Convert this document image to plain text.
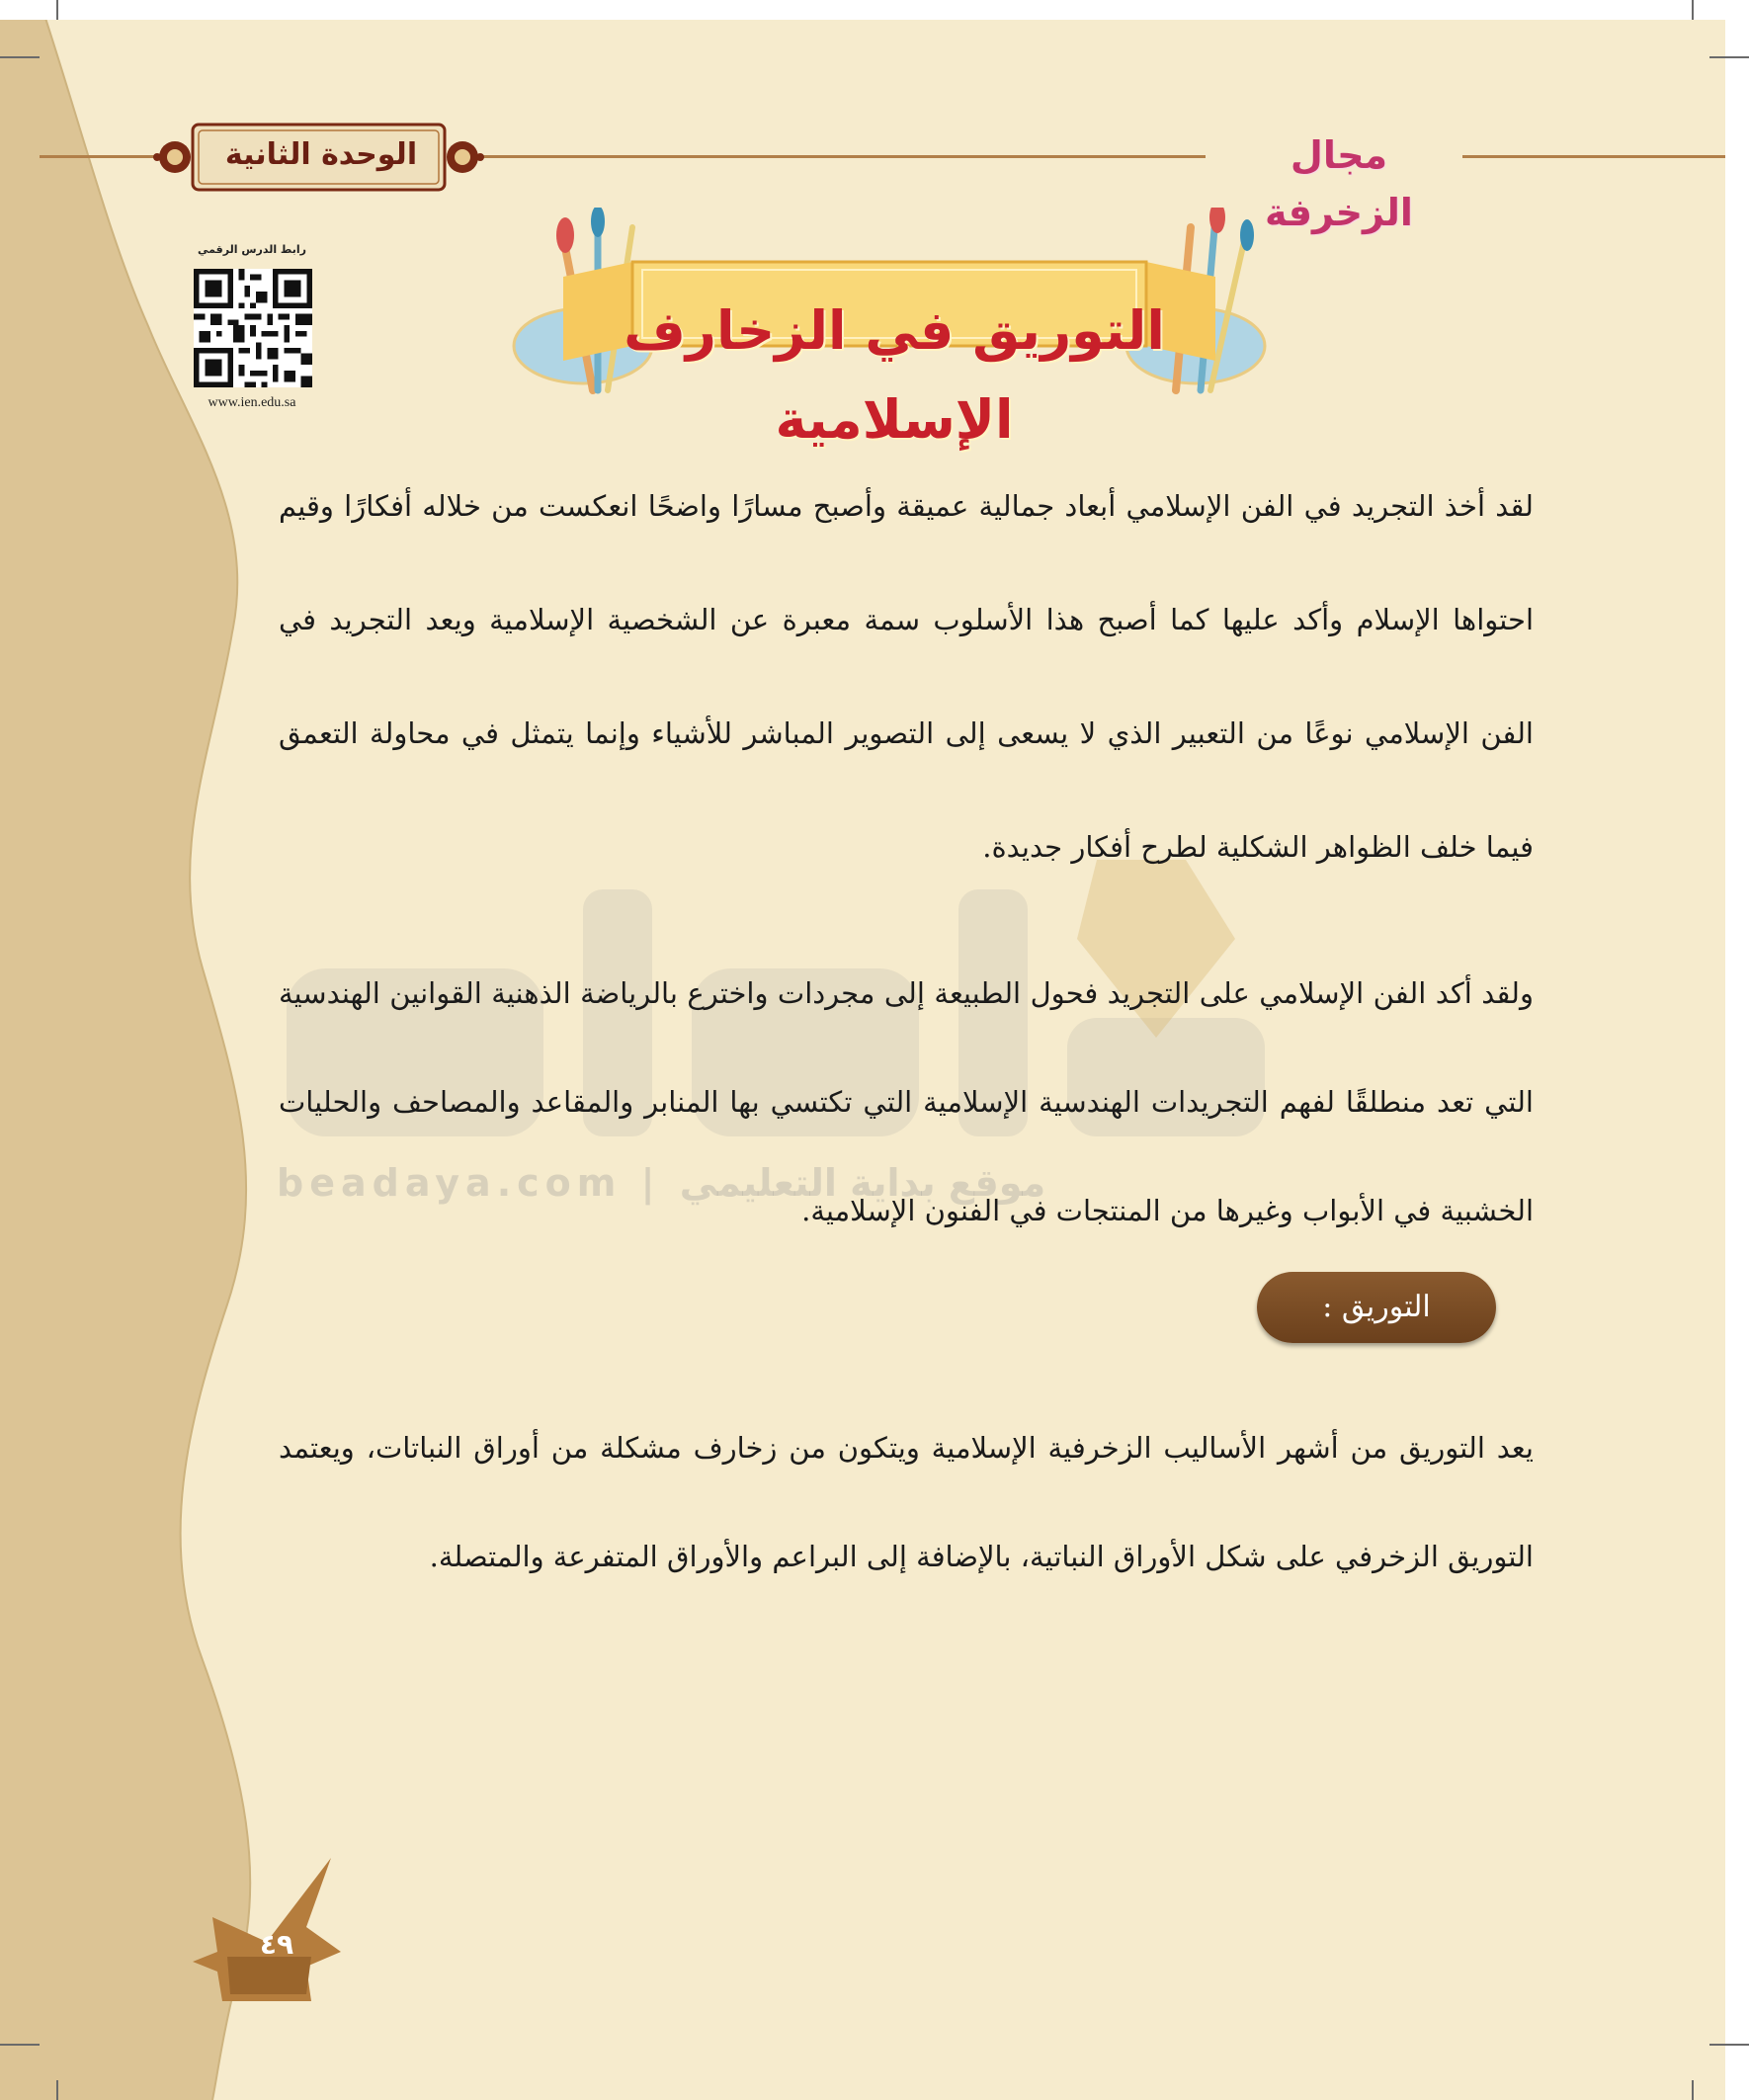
مجال الزخرفة
الوحدة الثانية
رابط الدرس الرقمي
www.ien.edu.sa
التوريق في الزخارف الإسلامية
beadaya.com | موقع بداية التعليمي

لقد أخذ التجريد في الفن الإسلامي أبعاد جمالية عميقة وأصبح مسارًا واضحًا انعكست من خلاله أفكارًا وقيم احتواها الإسلام وأكد عليها كما أصبح هذا الأسلوب سمة معبرة عن الشخصية الإسلامية ويعد التجريد في الفن الإسلامي نوعًا من التعبير الذي لا يسعى إلى التصوير المباشر للأشياء وإنما يتمثل في محاولة التعمق فيما خلف الظواهر الشكلية لطرح أفكار جديدة.

ولقد أكد الفن الإسلامي على التجريد فحول الطبيعة إلى مجردات واخترع بالرياضة الذهنية القوانين الهندسية التي تعد منطلقًا لفهم التجريدات الهندسية الإسلامية التي تكتسي بها المنابر والمقاعد والمصاحف والحليات الخشبية في الأبواب وغيرها من المنتجات في الفنون الإسلامية.

التوريق :

يعد التوريق من أشهر الأساليب الزخرفية الإسلامية ويتكون من زخارف مشكلة من أوراق النباتات، ويعتمد التوريق الزخرفي على شكل الأوراق النباتية، بالإضافة إلى البراعم والأوراق المتفرعة والمتصلة.

٤٩
